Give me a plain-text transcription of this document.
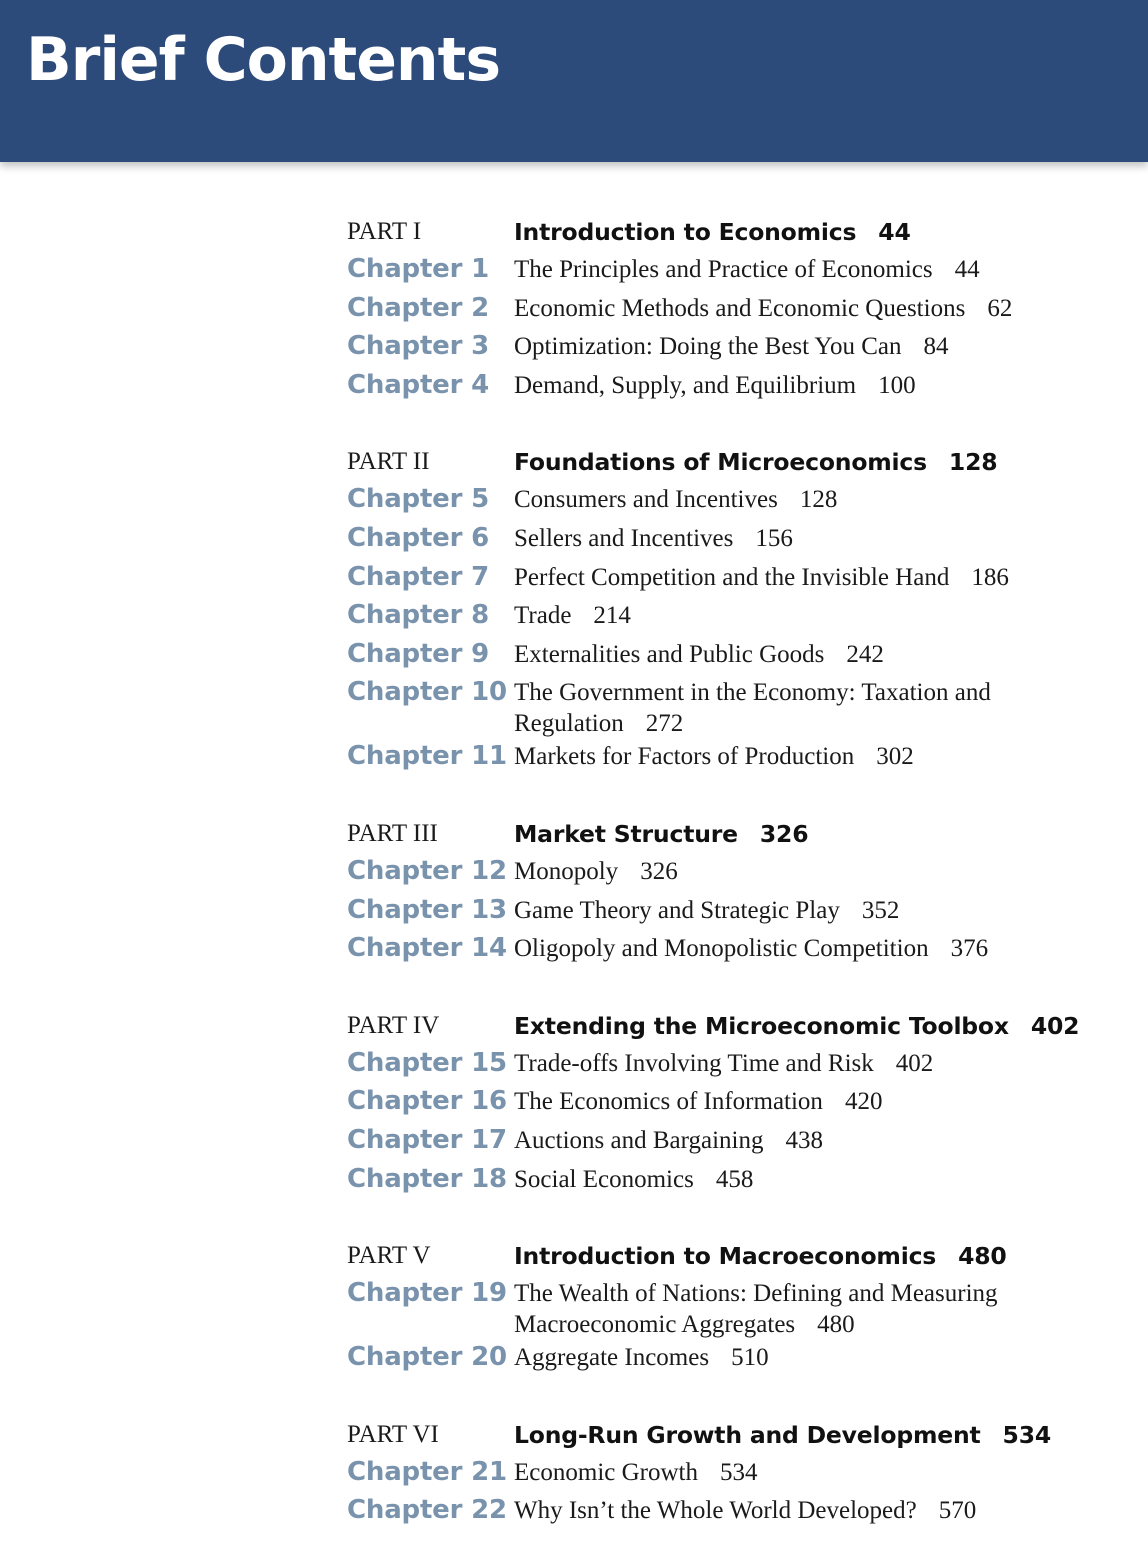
Brief Contents
PART I	Introduction to Economics 44
Chapter 1	The Principles and Practice of Economics 44
Chapter 2	Economic Methods and Economic Questions 62
Chapter 3	Optimization: Doing the Best You Can 84
Chapter 4	Demand, Supply, and Equilibrium 100
PART II	Foundations of Microeconomics 128
Chapter 5	Consumers and Incentives 128
Chapter 6	Sellers and Incentives 156
Chapter 7	Perfect Competition and the Invisible Hand 186
Chapter 8	Trade 214
Chapter 9	Externalities and Public Goods 242
Chapter 10 The Government in the Economy: Taxation and Regulation 272
Chapter 11 Markets for Factors of Production 302
PART III	Market Structure 326
Chapter 12 Monopoly 326
Chapter 13 Game Theory and Strategic Play 352
Chapter 14 Oligopoly and Monopolistic Competition 376
PART IV	Extending the Microeconomic Toolbox 402
Chapter 15 Trade-offs Involving Time and Risk 402
Chapter 16 The Economics of Information 420
Chapter 17 Auctions and Bargaining 438
Chapter 18 Social Economics 458
PART V	Introduction to Macroeconomics 480
Chapter 19 The Wealth of Nations: Defining and Measuring Macroeconomic Aggregates 480
Chapter 20 Aggregate Incomes 510
PART VI	Long-Run Growth and Development 534
Chapter 21 Economic Growth 534
Chapter 22 Why Isn’t the Whole World Developed? 570
